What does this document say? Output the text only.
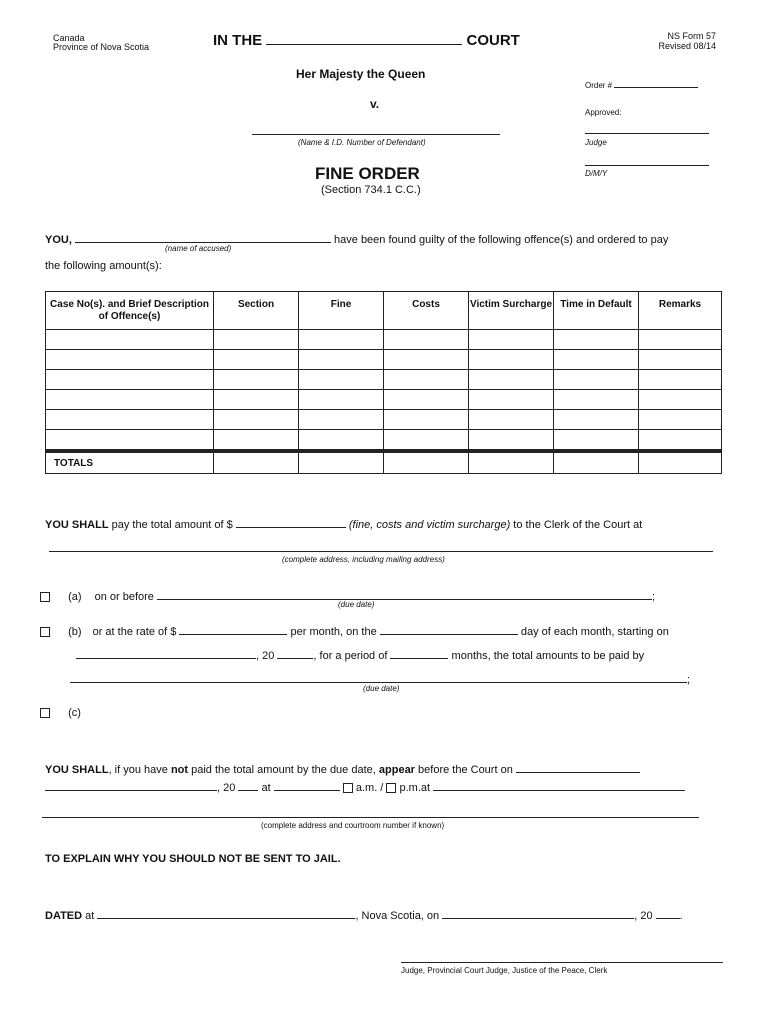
Canada
Province of Nova Scotia	IN THE	COURT	NS Form 57
Revised 08/14
Her Majesty the Queen
v.
(Name & I.D. Number of Defendant)
Order #
Approved:
Judge
D/M/Y
FINE ORDER
(Section 734.1 C.C.)
YOU,	have been found guilty of the following offence(s) and ordered to pay
(name of accused)
the following amount(s):
Case No(s). and Brief Description of Offence(s)	Section	Fine	Costs	Victim Surcharge	Time in Default	Remarks

TOTALS						
YOU SHALL pay the total amount of $	(fine, costs and victim surcharge) to the Clerk of the Court at
(complete address, including mailing address)
(a) on or before	;
(due date)
(b) or at the rate of $	per month, on the	day of each month, starting on
, 20	, for a period of	months, the total amounts to be paid by
;
(due date)
(c)
YOU SHALL, if you have not paid the total amount by the due date, appear before the Court on
, 20 at	a.m. / p.m.at
(complete address and courtroom number if known)
TO EXPLAIN WHY YOU SHOULD NOT BE SENT TO JAIL.
DATED at	, Nova Scotia, on	, 20 .
Judge, Provincial Court Judge, Justice of the Peace, Clerk
